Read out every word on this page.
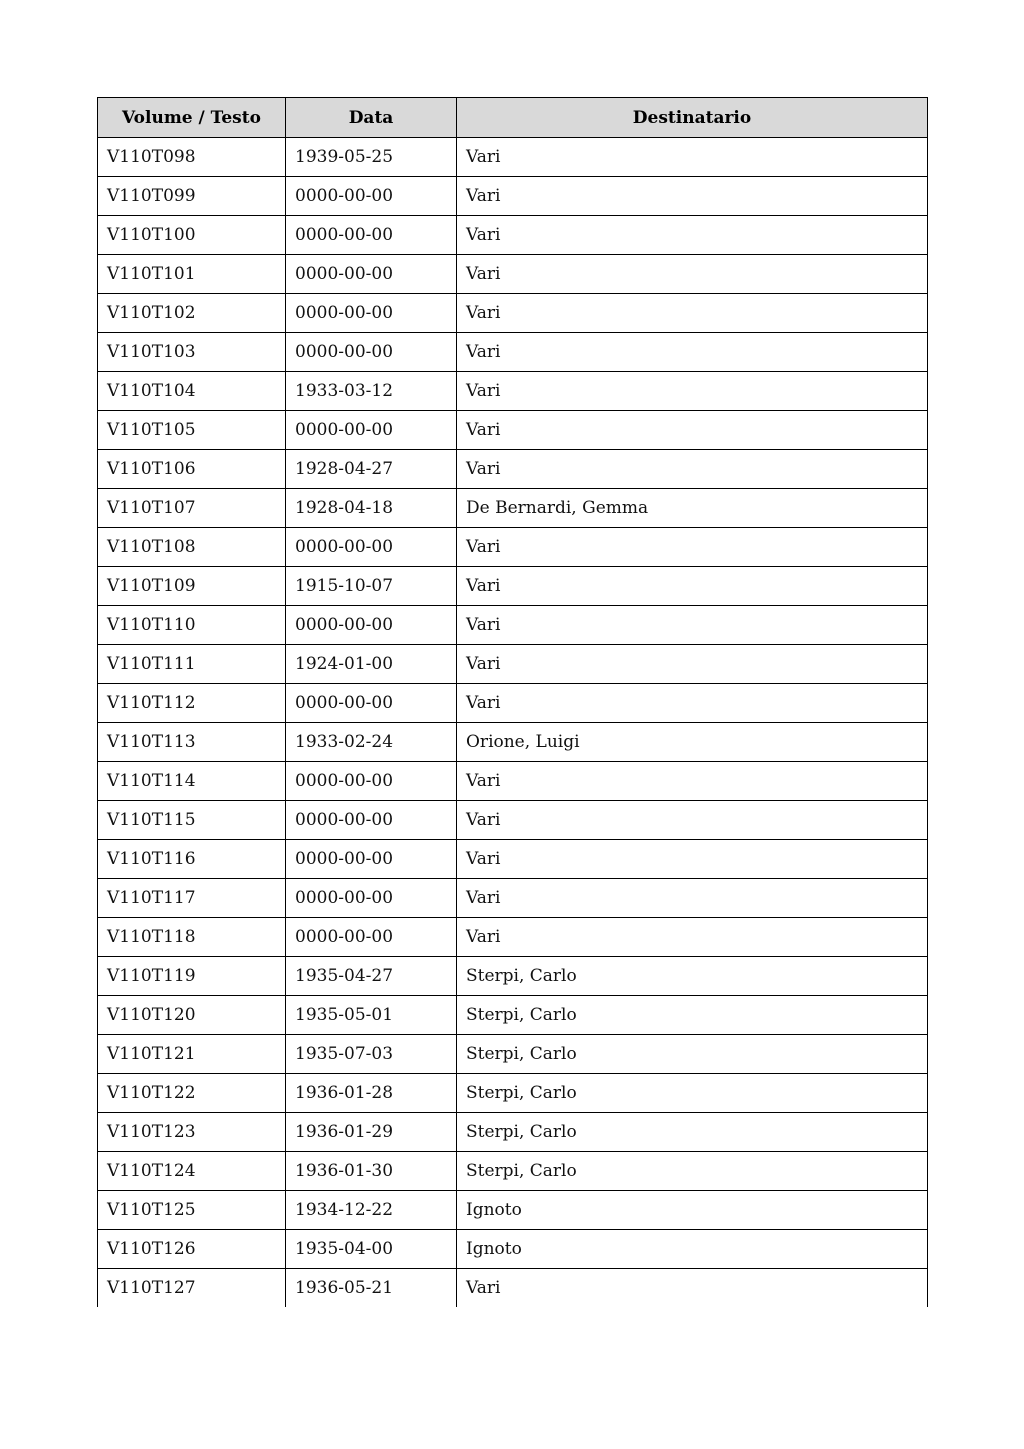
Volume / Testo	Data	Destinatario
V110T098	1939-05-25	Vari
V110T099	0000-00-00	Vari
V110T100	0000-00-00	Vari
V110T101	0000-00-00	Vari
V110T102	0000-00-00	Vari
V110T103	0000-00-00	Vari
V110T104	1933-03-12	Vari
V110T105	0000-00-00	Vari
V110T106	1928-04-27	Vari
V110T107	1928-04-18	De Bernardi, Gemma
V110T108	0000-00-00	Vari
V110T109	1915-10-07	Vari
V110T110	0000-00-00	Vari
V110T111	1924-01-00	Vari
V110T112	0000-00-00	Vari
V110T113	1933-02-24	Orione, Luigi
V110T114	0000-00-00	Vari
V110T115	0000-00-00	Vari
V110T116	0000-00-00	Vari
V110T117	0000-00-00	Vari
V110T118	0000-00-00	Vari
V110T119	1935-04-27	Sterpi, Carlo
V110T120	1935-05-01	Sterpi, Carlo
V110T121	1935-07-03	Sterpi, Carlo
V110T122	1936-01-28	Sterpi, Carlo
V110T123	1936-01-29	Sterpi, Carlo
V110T124	1936-01-30	Sterpi, Carlo
V110T125	1934-12-22	Ignoto
V110T126	1935-04-00	Ignoto
V110T127	1936-05-21	Vari
